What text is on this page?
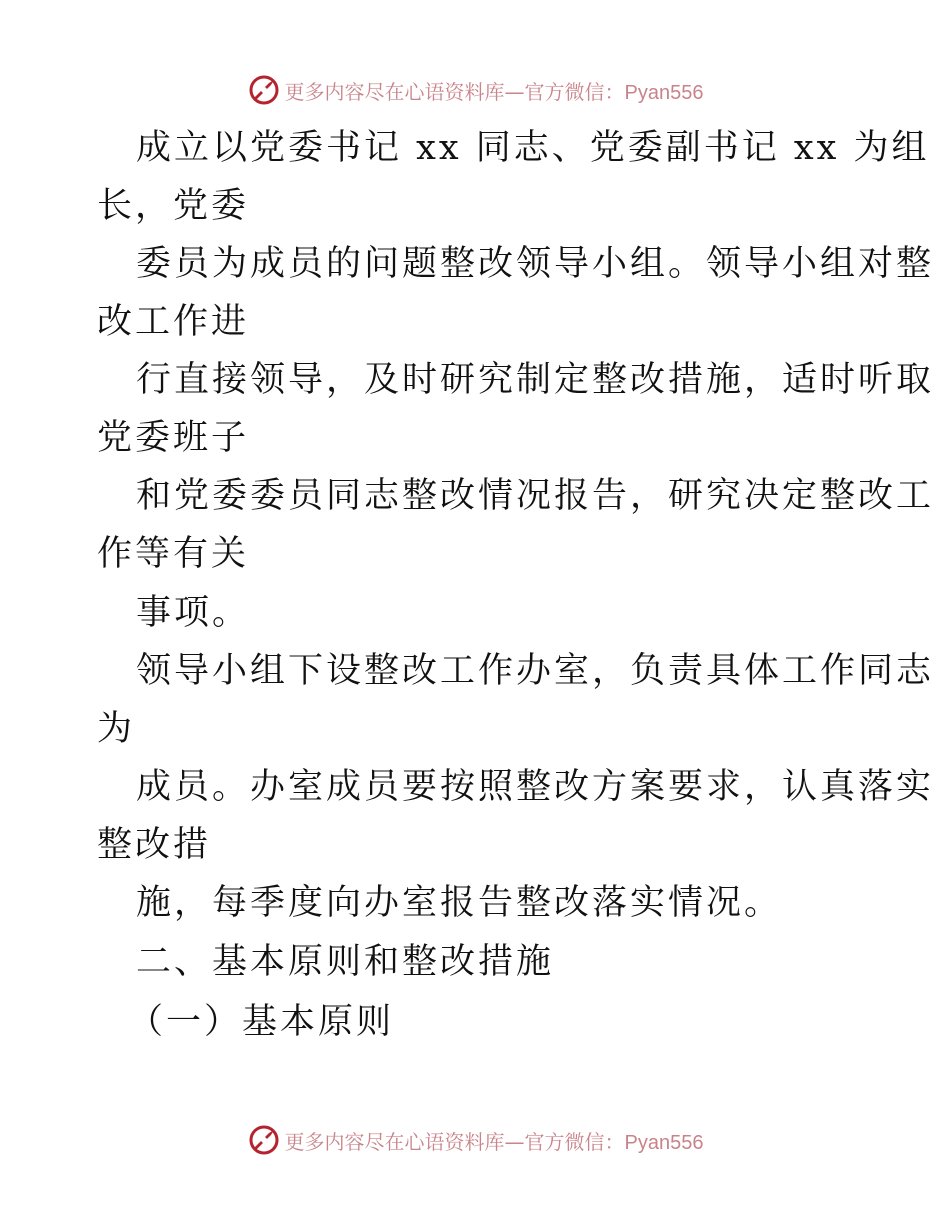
更多内容尽在心语资料库—官方微信：Pyan556
成立以党委书记 xx 同志、党委副书记 xx 为组
长，党委
委员为成员的问题整改领导小组。领导小组对整
改工作进
行直接领导，及时研究制定整改措施，适时听取
党委班子
和党委委员同志整改情况报告，研究决定整改工
作等有关
事项。
领导小组下设整改工作办室，负责具体工作同志
为
成员。办室成员要按照整改方案要求，认真落实
整改措
施，每季度向办室报告整改落实情况。
二、基本原则和整改措施
（一）基本原则
更多内容尽在心语资料库—官方微信：Pyan556
